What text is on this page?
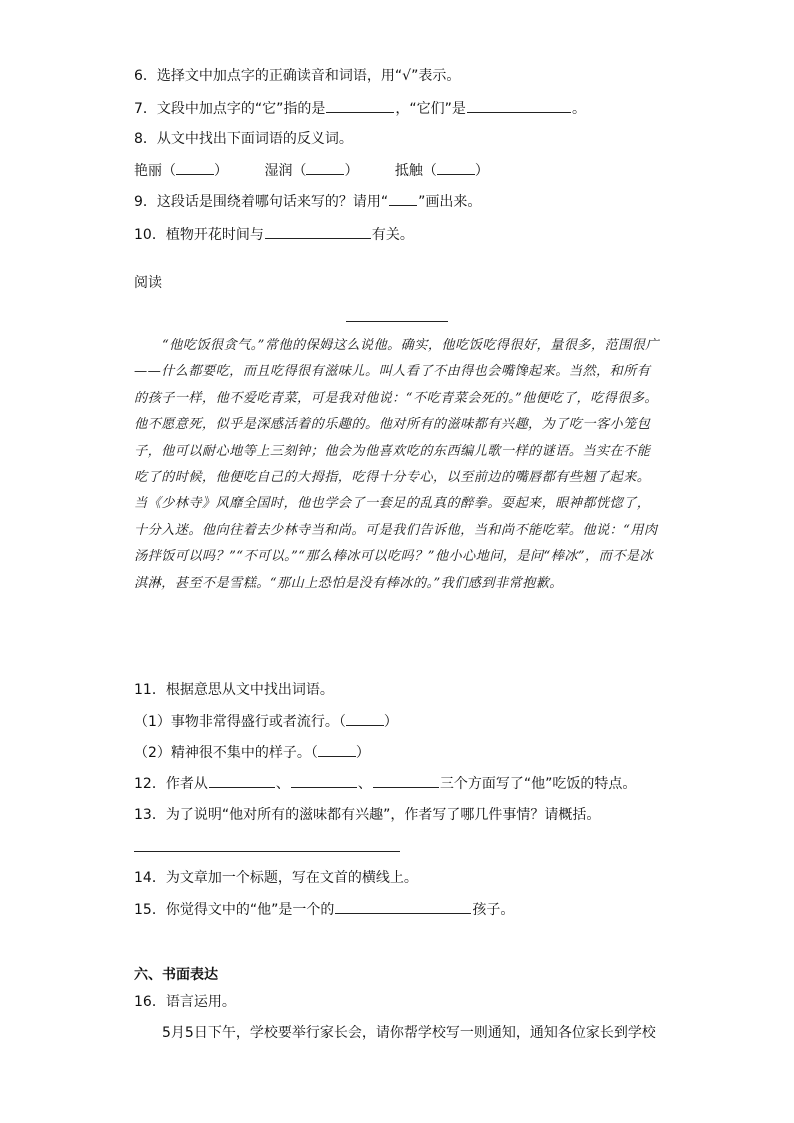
6．选择文中加点字的正确读音和词语，用“√”表示。
7．文段中加点字的“它”指的是	，“它们”是	。
8．从文中找出下面词语的反义词。
艳丽（	）	湿润（	）	抵触（	）
9．这段话是围绕着哪句话来写的？请用“ ”画出来。
10．植物开花时间与	有关。
阅读
“他吃饭很贪气。”常他的保姆这么说他。确实，他吃饭吃得很好，量很多，范围很广——什么都要吃，而且吃得很有滋味儿。叫人看了不由得也会嘴馋起来。当然，和所有的孩子一样，他不爱吃青菜，可是我对他说：“不吃青菜会死的。”他便吃了，吃得很多。他不愿意死，似乎是深感活着的乐趣的。他对所有的滋味都有兴趣，为了吃一客小笼包子，他可以耐心地等上三刻钟；他会为他喜欢吃的东西编儿歌一样的谜语。当实在不能吃了的时候，他便吃自己的大拇指，吃得十分专心，以至前边的嘴唇都有些翘了起来。当《少林寺》风靡全国时，他也学会了一套足的乱真的醉拳。耍起来，眼神都恍惚了，十分入迷。他向往着去少林寺当和尚。可是我们告诉他，当和尚不能吃荤。他说：“用肉汤拌饭可以吗？”“不可以。”“那么棒冰可以吃吗？”他小心地问，是问“棒冰”，而不是冰淇淋，甚至不是雪糕。“那山上恐怕是没有棒冰的。”我们感到非常抱歉。
11．根据意思从文中找出词语。
（1）事物非常得盛行或者流行。（	）
（2）精神很不集中的样子。（	）
12．作者从	、	、	三个方面写了“他”吃饭的特点。
13．为了说明“他对所有的滋味都有兴趣”，作者写了哪几件事情？请概括。
14．为文章加一个标题，写在文首的横线上。
15．你觉得文中的“他”是一个的	孩子。
六、书面表达
16．语言运用。
5月5日下午，学校要举行家长会，请你帮学校写一则通知，通知各位家长到学校
